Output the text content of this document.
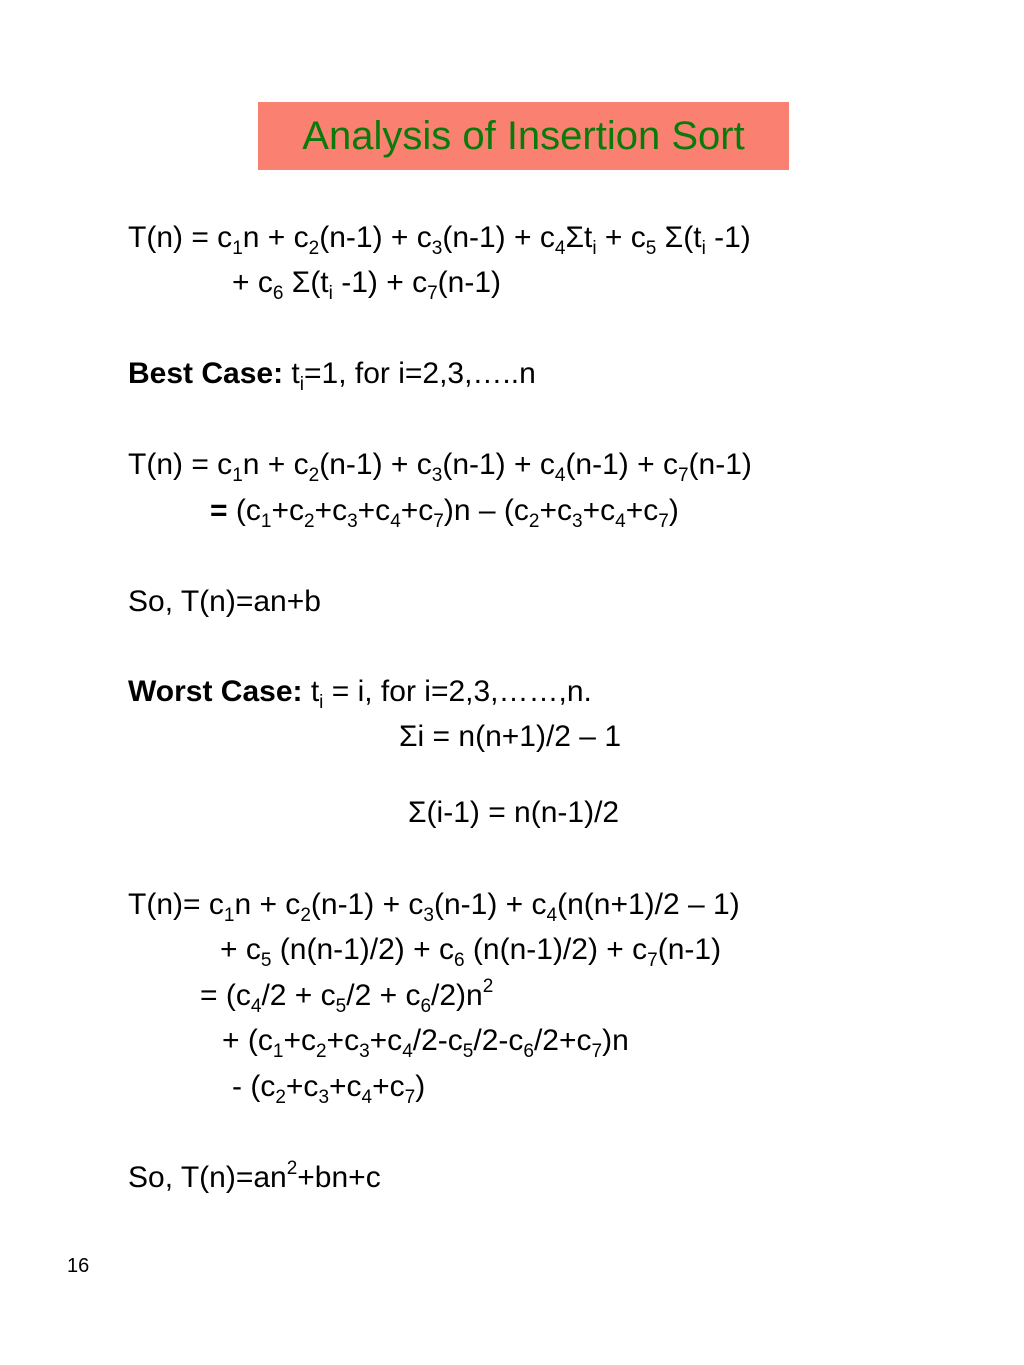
Analysis of Insertion Sort
$T(n) = c_1n + c_2(n-1) + c_3(n-1) + c_4\Sigma t_i + c_5$ $\Sigma(t_i$ -1)
+ $c_6$ $\Sigma(t_i$ $-1) + c_7(n-1)$
Best Case: $t_i=1$, for i=2,3,…..n
$T(n) = c_1n + c_2(n-1) + c_3(n-1) + c_4(n-1) + c_7(n-1)$
= $(c_1+c_2+c_3+c_4+c_7)n - (c_2+c_3+c_4+c_7)$
So, T(n)=an+b
Worst Case: $t_i = i$, for i=2,3,……,n.
Σi = n(n+1)/2 – 1
Σ(i-1) = n(n-1)/2
$T(n)= c_1n + c_2(n-1) + c_3(n-1) + c_4(n(n+1)/2 - 1)$
+ $c_5$ $(n(n-1)/2) + c_6$ $(n(n-1)/2) + c_7(n-1)$
= $(c_4/2 + c_5/2 + c_6/2)n^2$
+ $(c_1+c_2+c_3+c_4/2-c_5/2-c_6/2+c_7)n$
- $(c_2+c_3+c_4+c_7)$
So, $T(n)=an^2+bn+c$
16
